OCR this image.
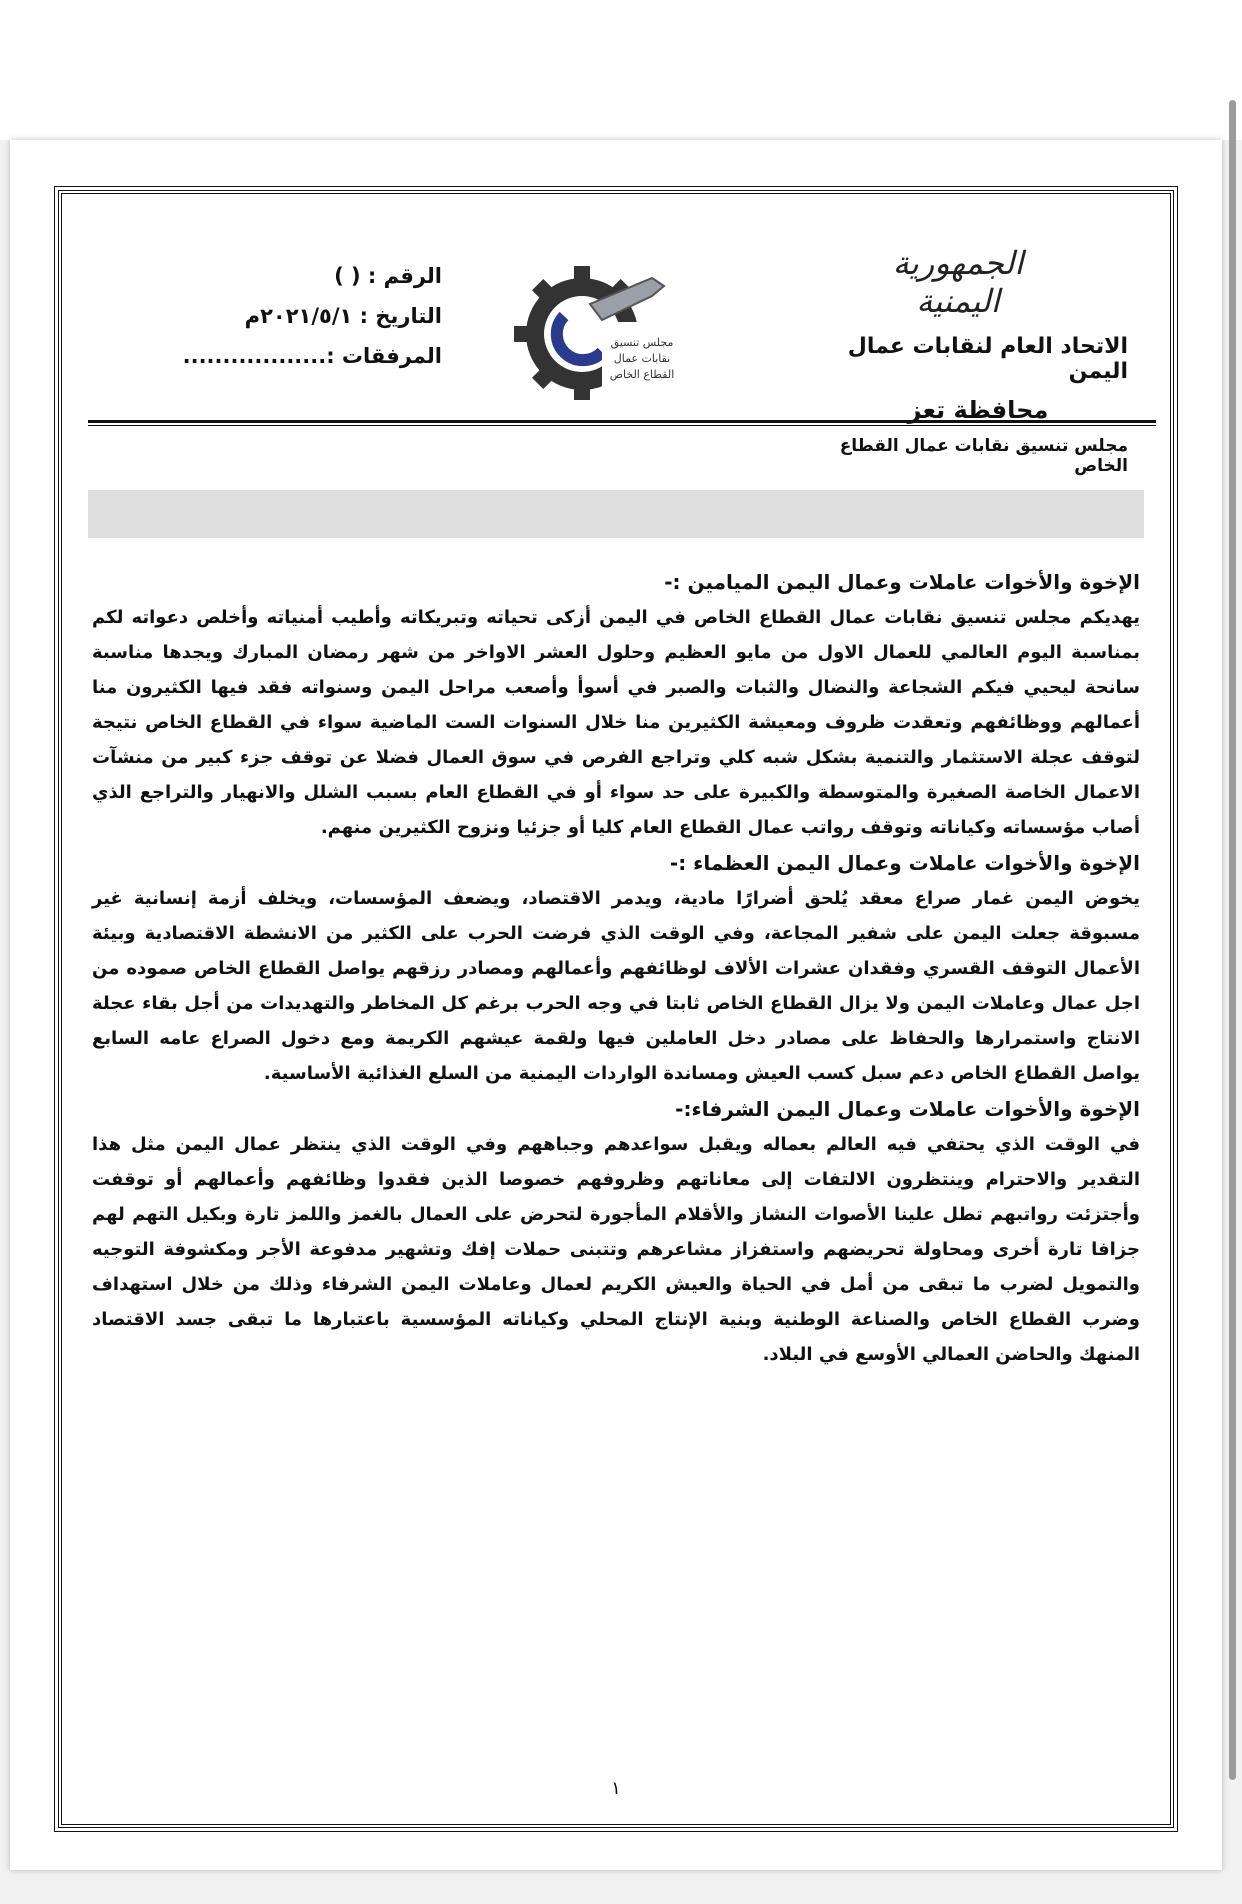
الجمهورية اليمنية
الاتحاد العام لنقابات عمال اليمن
محافظة تعز
مجلس تنسيق نقابات عمال القطاع الخاص
مجلس تنسيق
نقابات عمال
القطاع الخاص
الرقم : ( )
التاريخ : ٢٠٢١/٥/١م
المرفقات :..................

الإخوة والأخوات عاملات وعمال اليمن الميامين :-

يهديكم مجلس تنسيق نقابات عمال القطاع الخاص في اليمن أزكى تحياته وتبريكاته وأطيب أمنياته وأخلص دعواته لكم بمناسبة اليوم العالمي للعمال الاول من مايو العظيم وحلول العشر الاواخر من شهر رمضان المبارك ويجدها مناسبة سانحة ليحيي فيكم الشجاعة والنضال والثبات والصبر في أسوأ وأصعب مراحل اليمن وسنواته فقد فيها الكثيرون منا أعمالهم ووظائفهم وتعقدت ظروف ومعيشة الكثيرين منا خلال السنوات الست الماضية سواء في القطاع الخاص نتيجة لتوقف عجلة الاستثمار والتنمية بشكل شبه كلي وتراجع الفرص في سوق العمال فضلا عن توقف جزء كبير من منشآت الاعمال الخاصة الصغيرة والمتوسطة والكبيرة على حد سواء أو في القطاع العام بسبب الشلل والانهيار والتراجع الذي أصاب مؤسساته وكياناته وتوقف رواتب عمال القطاع العام كليا أو جزئيا ونزوح الكثيرين منهم.

الإخوة والأخوات عاملات وعمال اليمن العظماء :-

يخوض اليمن غمار صراع معقد يُلحق أضرارًا مادية، ويدمر الاقتصاد، ويضعف المؤسسات، ويخلف أزمة إنسانية غير مسبوقة جعلت اليمن على شفير المجاعة، وفي الوقت الذي فرضت الحرب على الكثير من الانشطة الاقتصادية وبيئة الأعمال التوقف القسري وفقدان عشرات الألاف لوظائفهم وأعمالهم ومصادر رزقهم يواصل القطاع الخاص صموده من اجل عمال وعاملات اليمن ولا يزال القطاع الخاص ثابتا في وجه الحرب برغم كل المخاطر والتهديدات من أجل بقاء عجلة الانتاج واستمرارها والحفاظ على مصادر دخل العاملين فيها ولقمة عيشهم الكريمة ومع دخول الصراع عامه السابع يواصل القطاع الخاص دعم سبل كسب العيش ومساندة الواردات اليمنية من السلع الغذائية الأساسية.

الإخوة والأخوات عاملات وعمال اليمن الشرفاء:-

في الوقت الذي يحتفي فيه العالم بعماله ويقبل سواعدهم وجباههم وفي الوقت الذي ينتظر عمال اليمن مثل هذا التقدير والاحترام وينتظرون الالتفات إلى معاناتهم وظروفهم خصوصا الذين فقدوا وظائفهم وأعمالهم أو توقفت وأجتزئت رواتبهم تطل علينا الأصوات النشاز والأقلام المأجورة لتحرض على العمال بالغمز واللمز تارة وبكيل التهم لهم جزافا تارة أخرى ومحاولة تحريضهم واستفزاز مشاعرهم وتتبنى حملات إفك وتشهير مدفوعة الأجر ومكشوفة التوجيه والتمويل لضرب ما تبقى من أمل في الحياة والعيش الكريم لعمال وعاملات اليمن الشرفاء وذلك من خلال استهداف وضرب القطاع الخاص والصناعة الوطنية وبنية الإنتاج المحلي وكياناته المؤسسية باعتبارها ما تبقى جسد الاقتصاد المنهك والحاضن العمالي الأوسع في البلاد.

١
